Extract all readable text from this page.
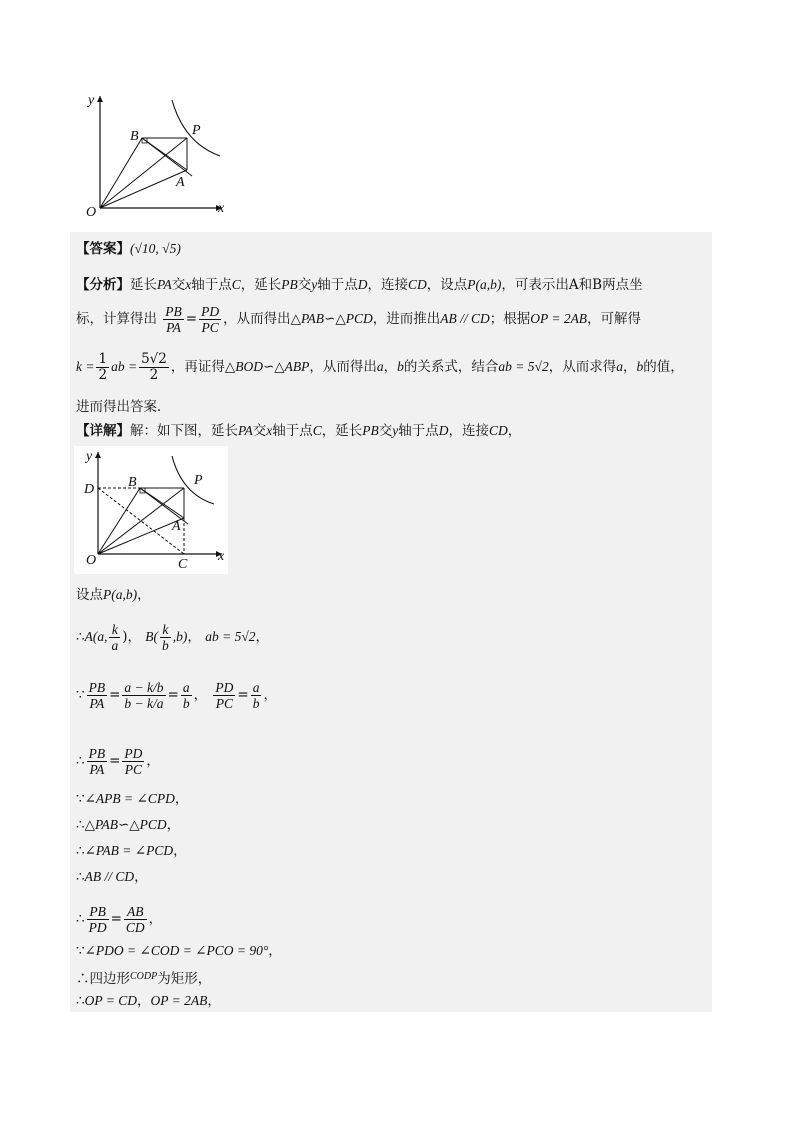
y
x
O
B	P
A
【答案】(√10, √5)
【分析】延长PA交x轴于点C，延长PB交y轴于点D，连接CD，设点P(a,b)，可表示出A和B两点坐
标，计算得出 $\frac{PB}{PA} = \frac{PD}{PC}$ ，从而得出△PAB∽△PCD，进而推出AB // CD；根据OP = 2AB，可解得
$k = \frac{1}{2}$ ab = $\frac{5√2}{2}$ ，再证得△BOD∽△ABP，从而得出a，b的关系式，结合ab = 5√2，从而求得a，b的值，
进而得出答案．
【详解】解：如下图，延长PA交x轴于点C，延长PB交y轴于点D，连接CD，
y
x
O
D B	P
A
C
设点P(a,b)，
∴A(a, $\frac{k}{a}$ )， $B( \frac{k}{b} ,b)$， ab = 5√2，
∵ $\frac{PB}{PA} = \frac{a - k/b}{b - k/a} = \frac{a}{b}$ ， $\frac{PD}{PC} = \frac{a}{b}$ ，
∴ $\frac{PB}{PA} = \frac{PD}{PC}$ ，
∵∠APB = ∠CPD，
∴△PAB∽△PCD，
∴∠PAB = ∠PCD，
∴AB // CD，
∴ $\frac{PB}{PD} = \frac{AB}{CD}$ ，
∵∠PDO = ∠COD = ∠PCO = 90°，
∴四边形$^{CODP}$为矩形，
∴OP = CD，OP = 2AB，
